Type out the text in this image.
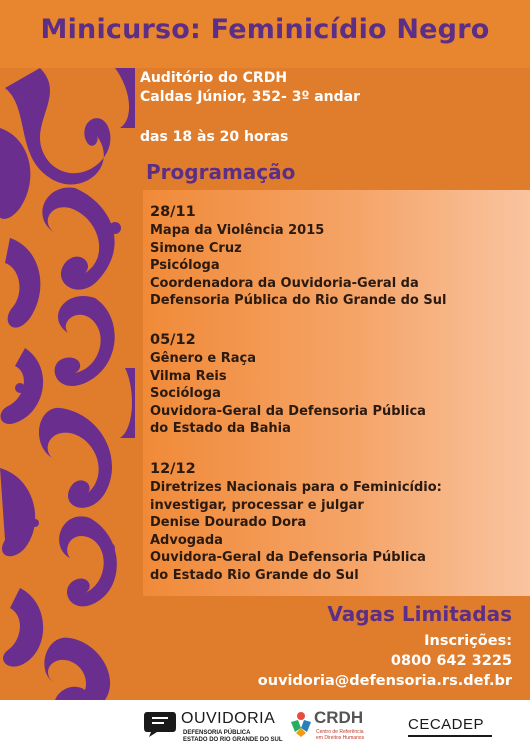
Minicurso: Feminicídio Negro
Auditório do CRDH
Caldas Júnior, 352- 3º andar
das 18 às 20 horas
Programação
28/11
Mapa da Violência 2015
Simone Cruz
Psicóloga
Coordenadora da Ouvidoria-Geral da
Defensoria Pública do Rio Grande do Sul
05/12
Gênero e Raça
Vilma Reis
Socióloga
Ouvidora-Geral da Defensoria Pública
do Estado da Bahia
12/12
Diretrizes Nacionais para o Feminicídio:
investigar, processar e julgar
Denise Dourado Dora
Advogada
Ouvidora-Geral da Defensoria Pública
do Estado Rio Grande do Sul
Vagas Limitadas
Inscrições:
0800 642 3225
ouvidoria@defensoria.rs.def.br
OUVIDORIA
DEFENSORIA PÚBLICA
ESTADO DO RIO GRANDE DO SUL
CRDH
Centro de Referência
em Direitos Humanos
CECADEP
